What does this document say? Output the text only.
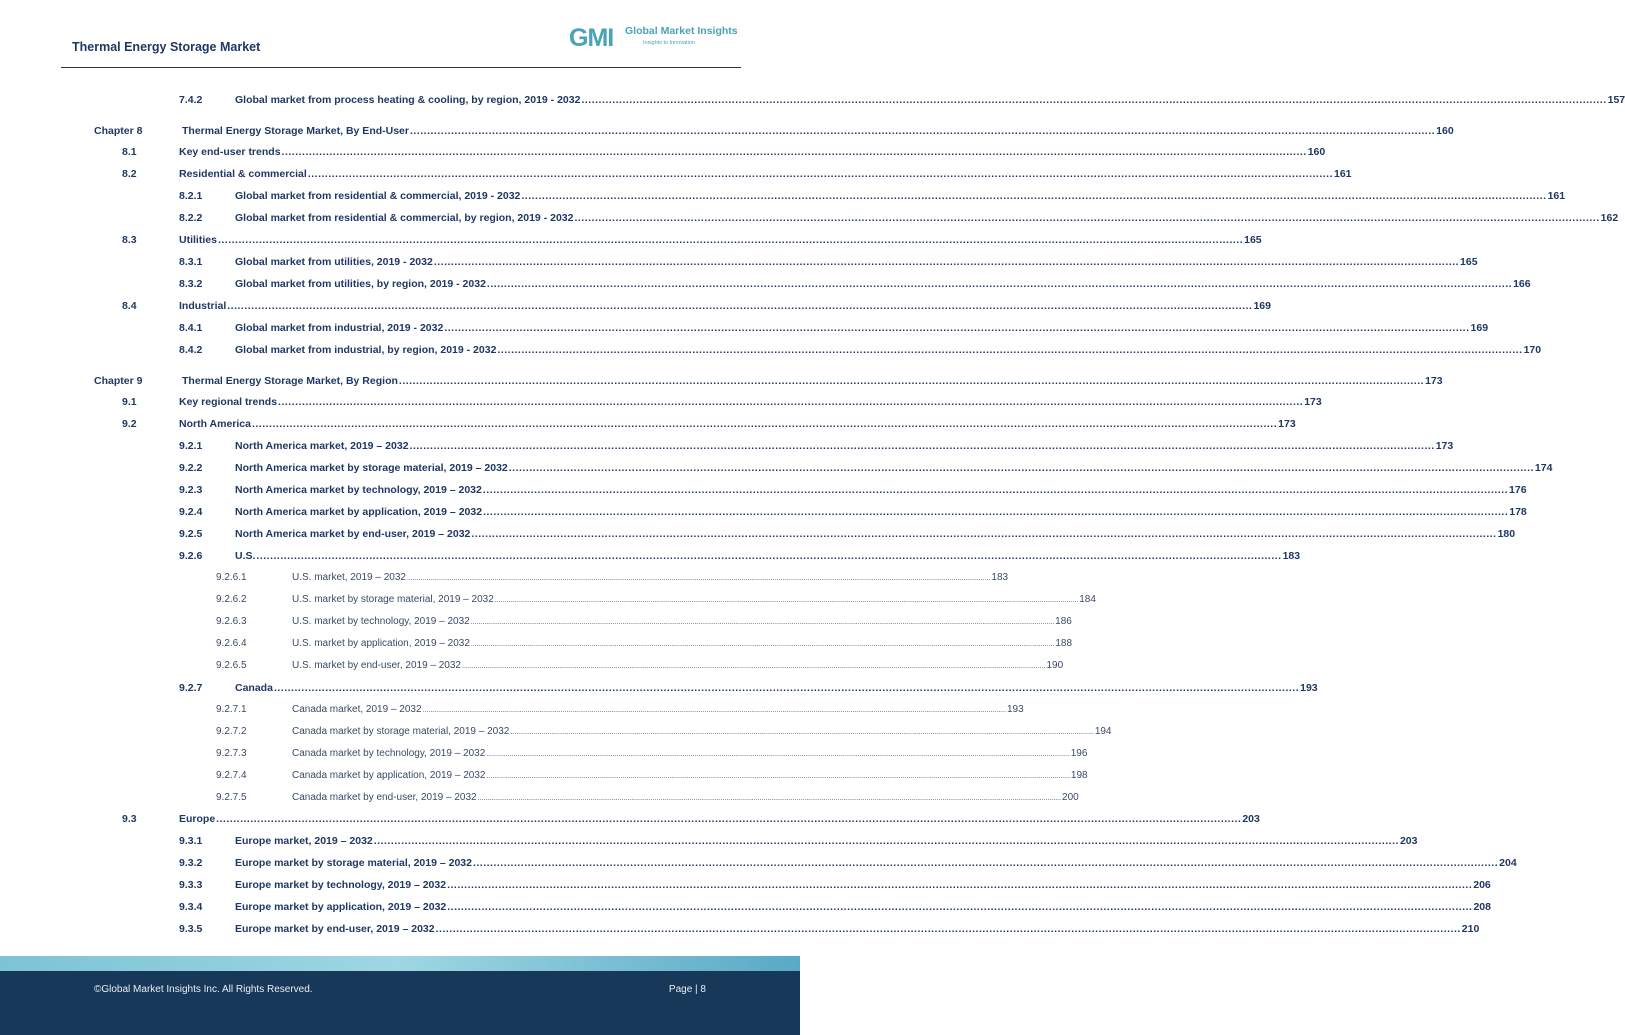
Thermal Energy Storage Market	GMI Global Market Insights
Insights to Innovation
7.4.2	Global market from process heating & cooling, by region, 2019 - 2032 ............................................................................................................................................................................................................................................................................................................ 157
Chapter 8	Thermal Energy Storage Market, By End-User ............................................................................................................................................................................................................................................................................................................ 160
8.1	Key end-user trends ............................................................................................................................................................................................................................................................................................................ 160
8.2	Residential & commercial ............................................................................................................................................................................................................................................................................................................ 161
8.2.1	Global market from residential & commercial, 2019 - 2032 ............................................................................................................................................................................................................................................................................................................ 161
8.2.2	Global market from residential & commercial, by region, 2019 - 2032 ............................................................................................................................................................................................................................................................................................................ 162
8.3	Utilities ............................................................................................................................................................................................................................................................................................................ 165
8.3.1	Global market from utilities, 2019 - 2032 ............................................................................................................................................................................................................................................................................................................ 165
8.3.2	Global market from utilities, by region, 2019 - 2032 ............................................................................................................................................................................................................................................................................................................ 166
8.4	Industrial ............................................................................................................................................................................................................................................................................................................ 169
8.4.1	Global market from industrial, 2019 - 2032 ............................................................................................................................................................................................................................................................................................................ 169
8.4.2	Global market from industrial, by region, 2019 - 2032 ............................................................................................................................................................................................................................................................................................................ 170
Chapter 9	Thermal Energy Storage Market, By Region ............................................................................................................................................................................................................................................................................................................ 173
9.1	Key regional trends ............................................................................................................................................................................................................................................................................................................ 173
9.2	North America ............................................................................................................................................................................................................................................................................................................ 173
9.2.1	North America market, 2019 – 2032 ............................................................................................................................................................................................................................................................................................................ 173
9.2.2	North America market by storage material, 2019 – 2032 ............................................................................................................................................................................................................................................................................................................ 174
9.2.3	North America market by technology, 2019 – 2032 ............................................................................................................................................................................................................................................................................................................ 176
9.2.4	North America market by application, 2019 – 2032 ............................................................................................................................................................................................................................................................................................................ 178
9.2.5	North America market by end-user, 2019 – 2032 ............................................................................................................................................................................................................................................................................................................ 180
9.2.6	U.S. ............................................................................................................................................................................................................................................................................................................ 183
9.2.6.1	U.S. market, 2019 – 2032 ............................................................................................................................................................................................................................................................................................................ 183
9.2.6.2	U.S. market by storage material, 2019 – 2032 ............................................................................................................................................................................................................................................................................................................ 184
9.2.6.3	U.S. market by technology, 2019 – 2032 ............................................................................................................................................................................................................................................................................................................ 186
9.2.6.4	U.S. market by application, 2019 – 2032 ............................................................................................................................................................................................................................................................................................................ 188
9.2.6.5	U.S. market by end-user, 2019 – 2032 ............................................................................................................................................................................................................................................................................................................ 190
9.2.7	Canada ............................................................................................................................................................................................................................................................................................................ 193
9.2.7.1	Canada market, 2019 – 2032 ............................................................................................................................................................................................................................................................................................................ 193
9.2.7.2	Canada market by storage material, 2019 – 2032 ............................................................................................................................................................................................................................................................................................................ 194
9.2.7.3	Canada market by technology, 2019 – 2032 ............................................................................................................................................................................................................................................................................................................ 196
9.2.7.4	Canada market by application, 2019 – 2032 ............................................................................................................................................................................................................................................................................................................ 198
9.2.7.5	Canada market by end-user, 2019 – 2032 ............................................................................................................................................................................................................................................................................................................ 200
9.3	Europe ............................................................................................................................................................................................................................................................................................................ 203
9.3.1	Europe market, 2019 – 2032 ............................................................................................................................................................................................................................................................................................................ 203
9.3.2	Europe market by storage material, 2019 – 2032 ............................................................................................................................................................................................................................................................................................................ 204
9.3.3	Europe market by technology, 2019 – 2032 ............................................................................................................................................................................................................................................................................................................ 206
9.3.4	Europe market by application, 2019 – 2032 ............................................................................................................................................................................................................................................................................................................ 208
9.3.5	Europe market by end-user, 2019 – 2032 ............................................................................................................................................................................................................................................................................................................ 210
©Global Market Insights Inc. All Rights Reserved.	Page | 8
